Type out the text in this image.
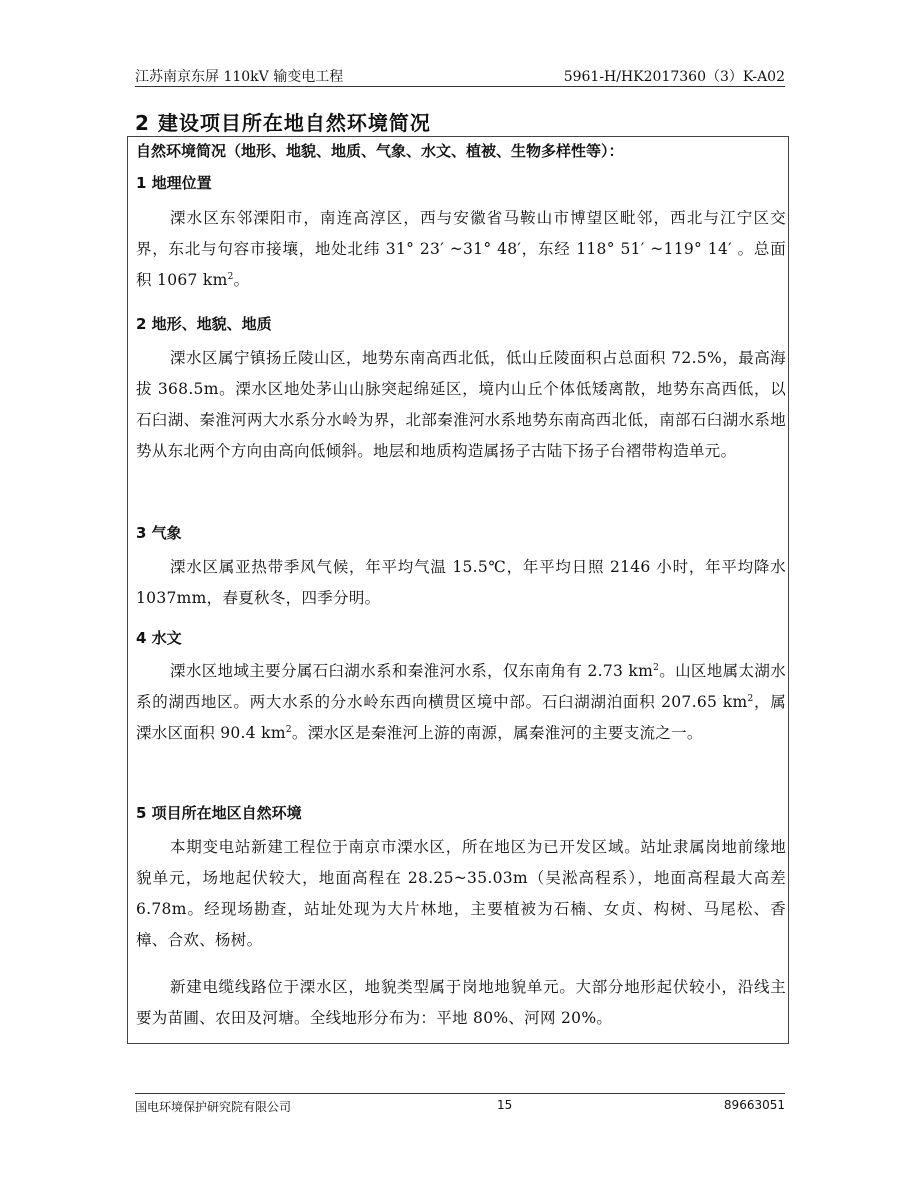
江苏南京东屏 110kV 输变电工程	5961-H/HK2017360（3）K-A02
2 建设项目所在地自然环境简况
自然环境简况（地形、地貌、地质、气象、水文、植被、生物多样性等）：
1 地理位置

溧水区东邻溧阳市，南连高淳区，西与安徽省马鞍山市博望区毗邻，西北与江宁区交界，东北与句容市接壤，地处北纬 31° 23′ ~31° 48′，东经 118° 51′ ~119° 14′ 。总面积 1067 $km^2$。

2 地形、地貌、地质

溧水区属宁镇扬丘陵山区，地势东南高西北低，低山丘陵面积占总面积 72.5%，最高海拔 368.5m。溧水区地处茅山山脉突起绵延区，境内山丘个体低矮离散，地势东高西低，以石臼湖、秦淮河两大水系分水岭为界，北部秦淮河水系地势东南高西北低，南部石臼湖水系地势从东北两个方向由高向低倾斜。地层和地质构造属扬子古陆下扬子台褶带构造单元。

3 气象

溧水区属亚热带季风气候，年平均气温 15.5℃，年平均日照 2146 小时，年平均降水 1037mm，春夏秋冬，四季分明。

4 水文

溧水区地域主要分属石臼湖水系和秦淮河水系，仅东南角有 2.73 $km^2$。山区地属太湖水系的湖西地区。两大水系的分水岭东西向横贯区境中部。石臼湖湖泊面积 207.65 $km^2$，属溧水区面积 90.4 $km^2$。溧水区是秦淮河上游的南源，属秦淮河的主要支流之一。

5 项目所在地区自然环境

本期变电站新建工程位于南京市溧水区，所在地区为已开发区域。站址隶属岗地前缘地貌单元，场地起伏较大，地面高程在 28.25~35.03m（吴淞高程系），地面高程最大高差 6.78m。经现场勘查，站址处现为大片林地，主要植被为石楠、女贞、构树、马尾松、香樟、合欢、杨树。

新建电缆线路位于溧水区，地貌类型属于岗地地貌单元。大部分地形起伏较小，沿线主要为苗圃、农田及河塘。全线地形分布为：平地 80%、河网 20%。

国电环境保护研究院有限公司	15	89663051
